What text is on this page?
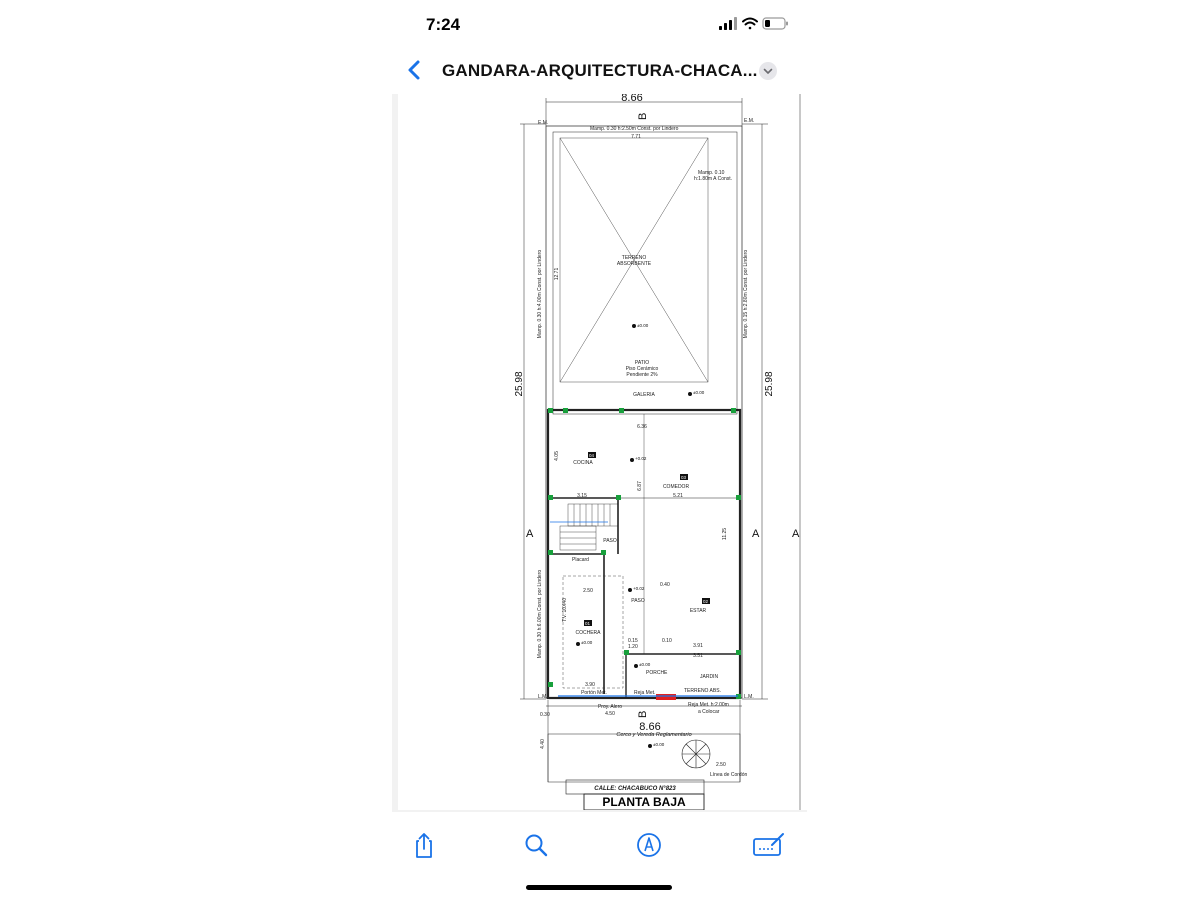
7:24
GANDARA-ARQUITECTURA-CHACA...
8.66
8.66
25.98	25.98
E.M.	E.M.
L.M.	L.M.
Mamp. 0.30 h:2.50m Const. por Lindero
7.71
Mamp. 0.10
h:1.80m A Const.
Mamp. 0.30 h:4.00m Const. por Lindero 12.71	Mamp. 0.15 h:2.80m Const. por Lindero
Mamp. 0.30 h:6.00m Const. por Lindero
TERRENO
ABSORBENTE
PATIO
Piso Cerámico
Pendiente 2%
GALERIA
6.36
COCINA
COMEDOR
3.15	5.21
4.05
6.87
11.25
PASO
Placard
2.50
PASO
COCHERA
ESTAR
3.91
3.51
0.40
0.15	0.10
1.20
PORCHE
JARDIN
TERRENO ABS.
3.90
Portón Met.	Reja Met.
Reja Met. h:2.00m
a Colocar
Proy. Alero
4.50
0.30
4.40
2.50
Línea de Cordón
T.V. 10X40
Cerco y Vereda Reglamentario
CALLE: CHACABUCO N°823
PLANTA BAJA
±0.00
±0.00
+0.02
+0.02
±0.00
±0.00
±0.00
04
03
01
02
A	A	A
B
B
